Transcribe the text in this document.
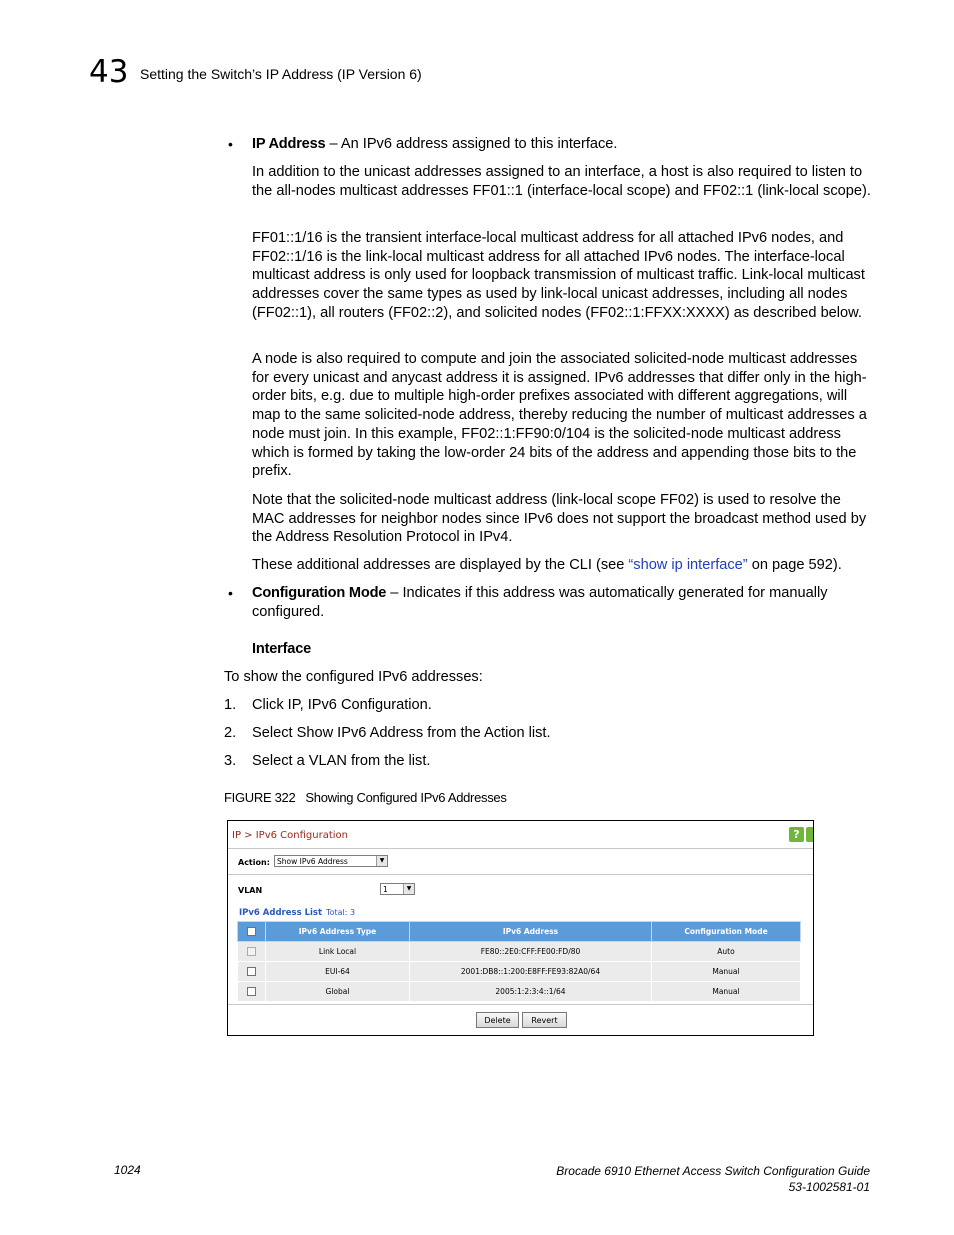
43 Setting the Switch’s IP Address (IP Version 6)
• IP Address – An IPv6 address assigned to this interface.
In addition to the unicast addresses assigned to an interface, a host is also required to listen to the all-nodes multicast addresses FF01::1 (interface-local scope) and FF02::1 (link-local scope).
FF01::1/16 is the transient interface-local multicast address for all attached IPv6 nodes, and FF02::1/16 is the link-local multicast address for all attached IPv6 nodes. The interface-local multicast address is only used for loopback transmission of multicast traffic. Link-local multicast addresses cover the same types as used by link-local unicast addresses, including all nodes (FF02::1), all routers (FF02::2), and solicited nodes (FF02::1:FFXX:XXXX) as described below.
A node is also required to compute and join the associated solicited-node multicast addresses for every unicast and anycast address it is assigned. IPv6 addresses that differ only in the high-order bits, e.g. due to multiple high-order prefixes associated with different aggregations, will map to the same solicited-node address, thereby reducing the number of multicast addresses a node must join. In this example, FF02::1:FF90:0/104 is the solicited-node multicast address which is formed by taking the low-order 24 bits of the address and appending those bits to the prefix.
Note that the solicited-node multicast address (link-local scope FF02) is used to resolve the MAC addresses for neighbor nodes since IPv6 does not support the broadcast method used by the Address Resolution Protocol in IPv4.
These additional addresses are displayed by the CLI (see “show ip interface” on page 592).
• Configuration Mode – Indicates if this address was automatically generated for manually configured.
Interface
To show the configured IPv6 addresses:
1. Click IP, IPv6 Configuration.
2. Select Show IPv6 Address from the Action list.
3. Select a VLAN from the list.
FIGURE 322 Showing Configured IPv6 Addresses
IP > IPv6 Configuration	?
Action: Show IPv6 Address	▼
VLAN	1	▼
IPv6 Address List Total: 3
	IPv6 Address Type	IPv6 Address	Configuration Mode
	Link Local	FE80::2E0:CFF:FE00:FD/80	Auto
	EUI-64	2001:DB8::1:200:E8FF:FE93:82A0/64	Manual
	Global	2005:1:2:3:4::1/64	Manual
Delete	Revert
1024	Brocade 6910 Ethernet Access Switch Configuration Guide
53-1002581-01
